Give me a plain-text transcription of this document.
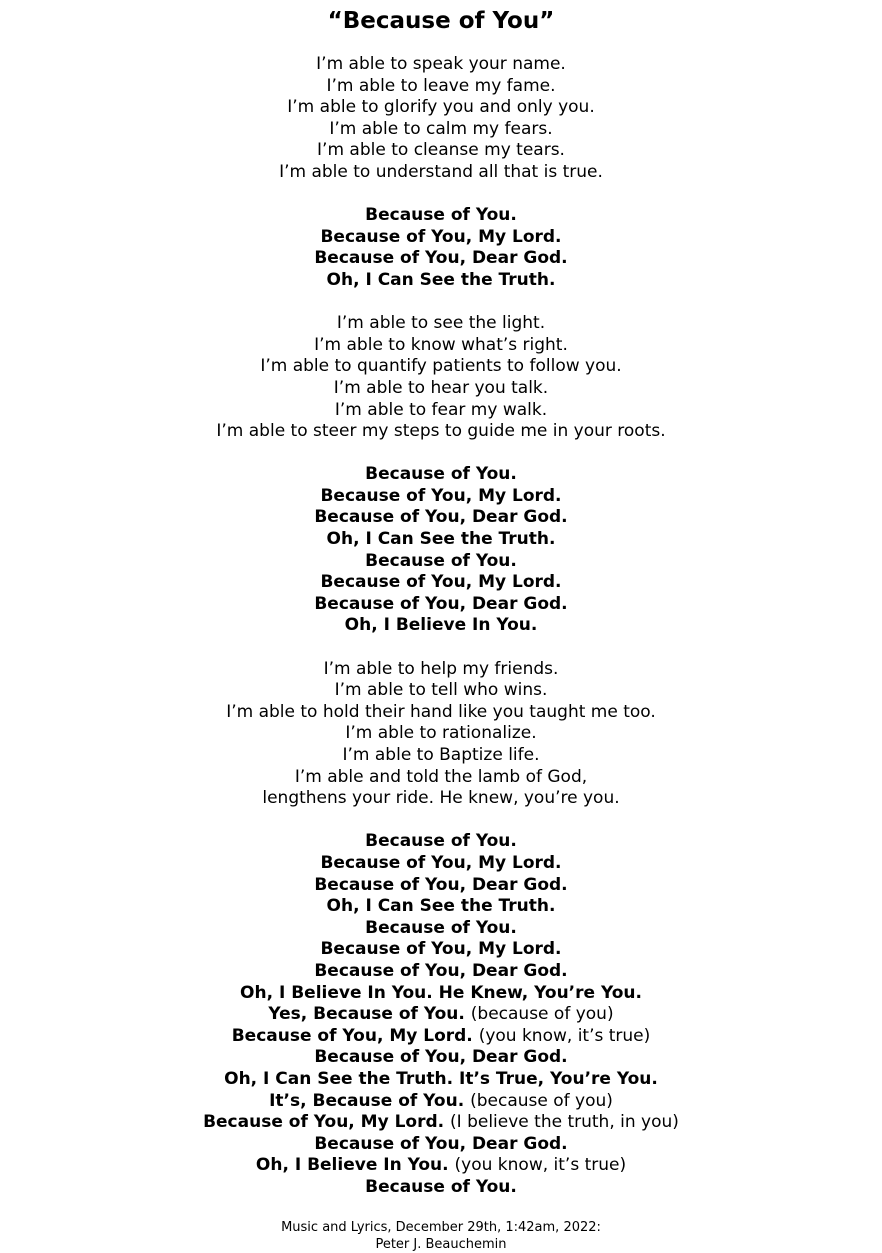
“Because of You”
I’m able to speak your name.
I’m able to leave my fame.
I’m able to glorify you and only you.
I’m able to calm my fears.
I’m able to cleanse my tears.
I’m able to understand all that is true.
Because of You.
Because of You, My Lord.
Because of You, Dear God.
Oh, I Can See the Truth.
I’m able to see the light.
I’m able to know what’s right.
I’m able to quantify patients to follow you.
I’m able to hear you talk.
I’m able to fear my walk.
I’m able to steer my steps to guide me in your roots.
Because of You.
Because of You, My Lord.
Because of You, Dear God.
Oh, I Can See the Truth.
Because of You.
Because of You, My Lord.
Because of You, Dear God.
Oh, I Believe In You.
I’m able to help my friends.
I’m able to tell who wins.
I’m able to hold their hand like you taught me too.
I’m able to rationalize.
I’m able to Baptize life.
I’m able and told the lamb of God,
lengthens your ride. He knew, you’re you.
Because of You.
Because of You, My Lord.
Because of You, Dear God.
Oh, I Can See the Truth.
Because of You.
Because of You, My Lord.
Because of You, Dear God.
Oh, I Believe In You. He Knew, You’re You.
Yes, Because of You. (because of you)
Because of You, My Lord. (you know, it’s true)
Because of You, Dear God.
Oh, I Can See the Truth. It’s True, You’re You.
It’s, Because of You. (because of you)
Because of You, My Lord. (I believe the truth, in you)
Because of You, Dear God.
Oh, I Believe In You. (you know, it’s true)
Because of You.
Music and Lyrics, December 29th, 1:42am, 2022:
Peter J. Beauchemin
